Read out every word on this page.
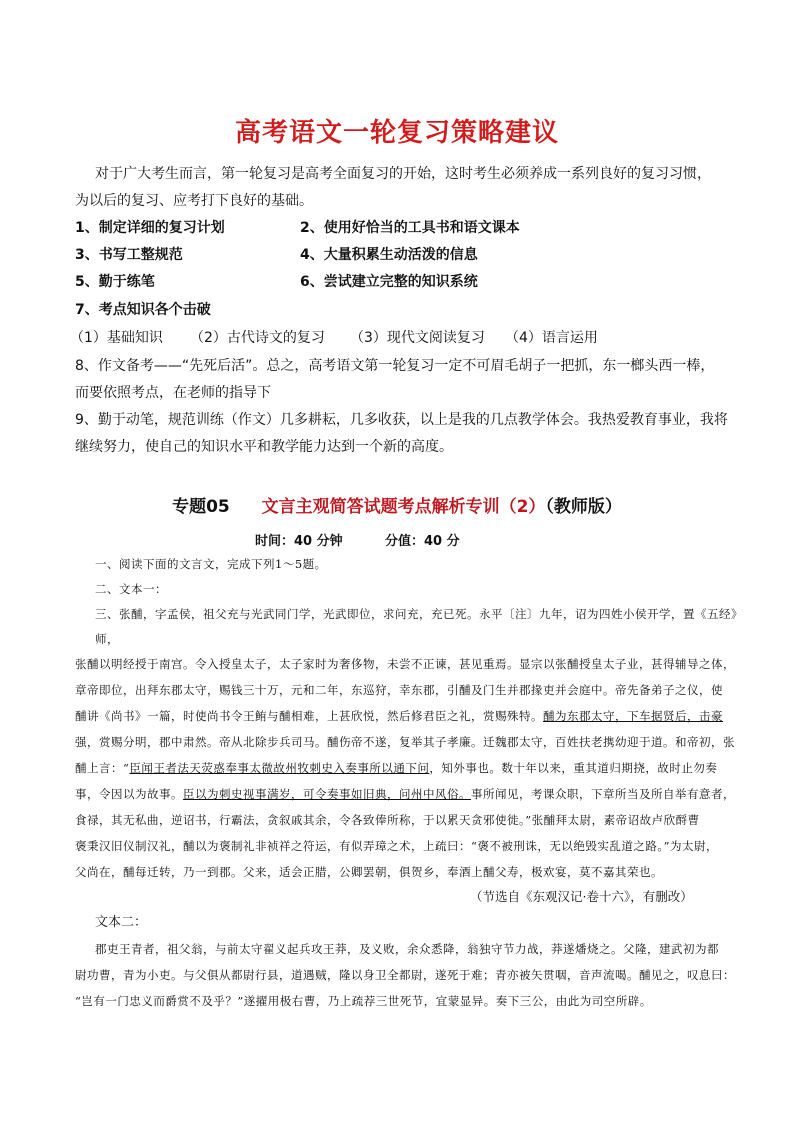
高考语文一轮复习策略建议
对于广大考生而言，第一轮复习是高考全面复习的开始，这时考生必须养成一系列良好的复习习惯，
为以后的复习、应考打下良好的基础。
1、制定详细的复习计划	2、使用好恰当的工具书和语文课本
3、书写工整规范	4、大量积累生动活泼的信息
5、勤于练笔	6、尝试建立完整的知识系统
7、考点知识各个击破
（1）基础知识 （2）古代诗文的复习 （3）现代文阅读复习 （4）语言运用
8、作文备考——“先死后活”。总之，高考语文第一轮复习一定不可眉毛胡子一把抓，东一榔头西一棒，
而要依照考点，在老师的指导下
9、勤于动笔，规范训练（作文）几多耕耘，几多收获，以上是我的几点教学体会。我热爱教育事业，我将
继续努力，使自己的知识水平和教学能力达到一个新的高度。
专题05 文言主观简答试题考点解析专训（2）（教师版）
时间：40 分钟	分值：40 分
一、阅读下面的文言文，完成下列1～5题。
二、文本一：
三、张酺，字孟侯，祖父充与光武同门学，光武即位，求问充，充已死。永平〔注〕九年，诏为四姓小侯开学，置《五经》
师，
张酺以明经授于南宫。令入授皇太子，太子家时为奢侈物，未尝不正谏，甚见重焉。显宗以张酺授皇太子业，甚得辅导之体，
章帝即位，出拜东郡太守，赐钱三十万，元和二年，东巡狩，幸东郡，引酺及门生并郡掾吏并会庭中。帝先备弟子之仪，使
酺讲《尚书》一篇，时使尚书令王鲔与酺相难，上甚欣悦，然后修君臣之礼，赏赐殊特。酺为东郡太守，下车据贤后，击豪
强，赏赐分明，郡中肃然。帝从北除步兵司马。酺伤帝不遂，复举其子孝廉。迁魏郡太守，百姓扶老携幼迎于道。和帝初，张
酺上言：“臣闻王者法天荧惑奉事太微故州牧刺史入奏事所以通下问，知外事也。数十年以来，重其道归期挠，故时止勿奏
事，令因以为故事。臣以为刺史视事满岁，可令奏事如旧典，问州中风俗。事所闻见，考课众职，下章所当及所自举有意者，
食禄，其无私曲，逆诏书，行霸法，贪叙戚其余，令各致俸所称，于以累天贪邪使徙。”张酺拜太尉，素帝诏故卢欣酹曹
褒秉汉旧仪制汉礼，酺以为褒制礼非祯祥之符运，有似弄璋之术，上疏曰：“褒不被刑诛，无以绝毁实乱道之路。”为太尉，
父尚在，酺每迁转，乃一到郡。父来，适会正腊，公卿罢朝，俱贺乡，奉酒上酺父寿，极欢宴，莫不嘉其荣也。
（节选自《东观汉记·卷十六》，有删改）
文本二：
郡吏王青者，祖父翁，与前太守翟义起兵攻王莽，及义败，余众悉降，翁独守节力战，莽遂燔烧之。父隆，建武初为都
尉功曹，青为小吏。与父俱从都尉行县，道遇贼，隆以身卫全都尉，遂死于难；青亦被矢贯咽，音声流喝。酺见之，叹息曰：
“岂有一门忠义而爵赏不及乎？”遂擢用极右曹，乃上疏荐三世死节，宜蒙显异。奏下三公，由此为司空所辟。
